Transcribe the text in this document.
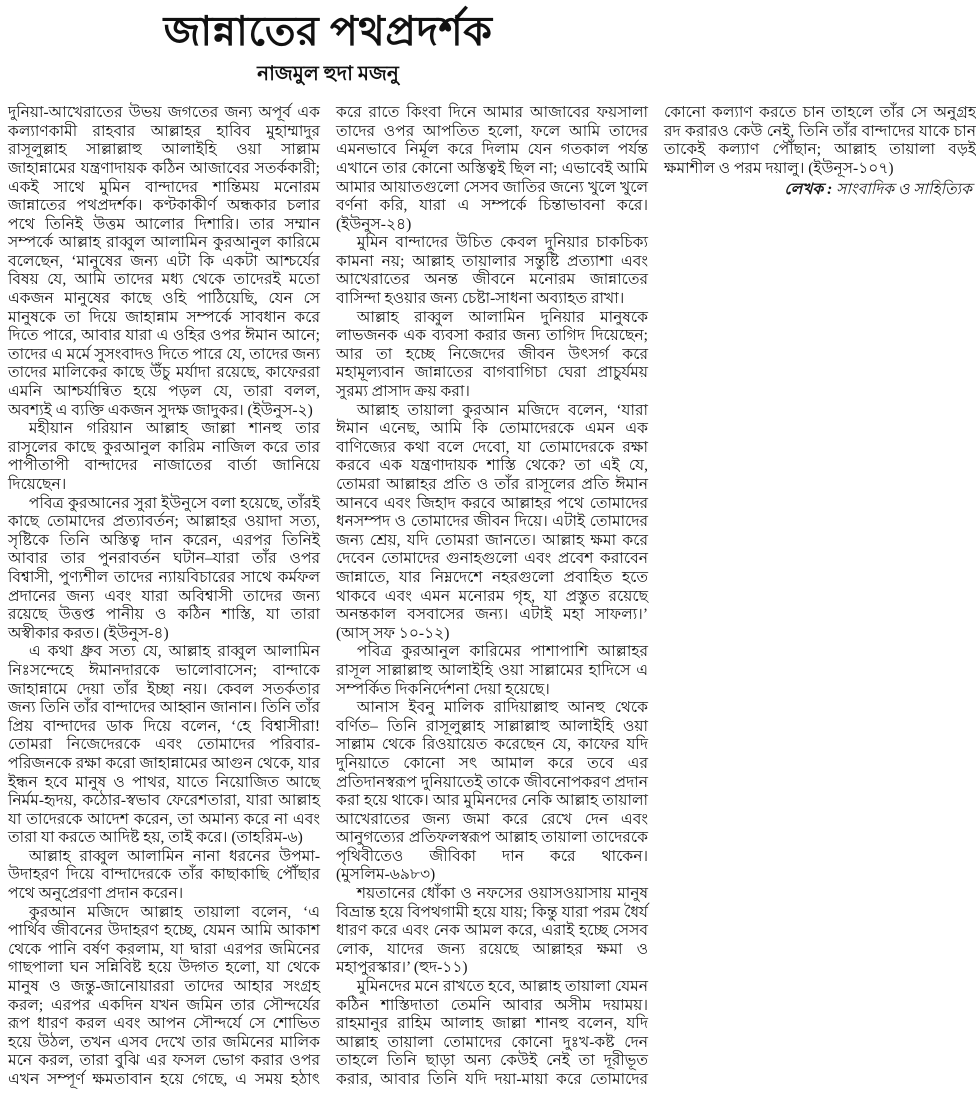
জান্নাতের পথপ্রদর্শক
নাজমুল হুদা মজনু

দুনিয়া-আখেরাতের উভয় জগতের জন্য অপূর্ব এক কল্যাণকামী রাহবার আল্লাহর হাবিব মুহাম্মাদুর রাসূলুল্লাহ সাল্লাল্লাহু আলাইহি ওয়া সাল্লাম জাহান্নামের যন্ত্রণাদায়ক কঠিন আজাবের সতর্ককারী; একই সাথে মুমিন বান্দাদের শান্তিময় মনোরম জান্নাতের পথপ্রদর্শক। কণ্টকাকীর্ণ অন্ধকার চলার পথে তিনিই উত্তম আলোর দিশারি। তার সম্মান সম্পর্কে আল্লাহ রাব্বুল আলামিন কুরআনুল কারিমে বলেছেন, ‘মানুষের জন্য এটা কি একটা আশ্চর্যের বিষয় যে, আমি তাদের মধ্য থেকে তাদেরই মতো একজন মানুষের কাছে ওহি পাঠিয়েছি, যেন সে মানুষকে তা দিয়ে জাহান্নাম সম্পর্কে সাবধান করে দিতে পারে, আবার যারা এ ওহির ওপর ঈমান আনে; তাদের এ মর্মে সুসংবাদও দিতে পারে যে, তাদের জন্য তাদের মালিকের কাছে উঁচু মর্যাদা রয়েছে, কাফেররা এমনি আশ্চর্যান্বিত হয়ে পড়ল যে, তারা বলল, অবশ্যই এ ব্যক্তি একজন সুদক্ষ জাদুকর। (ইউনুস-২)

মহীয়ান গরিয়ান আল্লাহ জাল্লা শানহু তার রাসূলের কাছে কুরআনুল কারিম নাজিল করে তার পাপীতাপী বান্দাদের নাজাতের বার্তা জানিয়ে দিয়েছেন।

পবিত্র কুরআনের সুরা ইউনুসে বলা হয়েছে, তাঁরই কাছে তোমাদের প্রত্যাবর্তন; আল্লাহর ওয়াদা সত্য, সৃষ্টিকে তিনি অস্তিত্ব দান করেন, এরপর তিনিই আবার তার পুনরাবর্তন ঘটান–যারা তাঁর ওপর বিশ্বাসী, পুণ্যশীল তাদের ন্যায়বিচারের সাথে কর্মফল প্রদানের জন্য এবং যারা অবিশ্বাসী তাদের জন্য রয়েছে উত্তপ্ত পানীয় ও কঠিন শাস্তি, যা তারা অস্বীকার করত। (ইউনুস-৪)

এ কথা ধ্রুব সত্য যে, আল্লাহ রাব্বুল আলামিন নিঃসন্দেহে ঈমানদারকে ভালোবাসেন; বান্দাকে জাহান্নামে দেয়া তাঁর ইচ্ছা নয়। কেবল সতর্কতার জন্য তিনি তাঁর বান্দাদের আহ্বান জানান। তিনি তাঁর প্রিয় বান্দাদের ডাক দিয়ে বলেন, ‘হে বিশ্বাসীরা! তোমরা নিজেদেরকে এবং তোমাদের পরিবার-পরিজনকে রক্ষা করো জাহান্নামের আগুন থেকে, যার ইন্ধন হবে মানুষ ও পাথর, যাতে নিয়োজিত আছে নির্মম-হৃদয়, কঠোর-স্বভাব ফেরেশতারা, যারা আল্লাহ যা তাদেরকে আদেশ করেন, তা অমান্য করে না এবং তারা যা করতে আদিষ্ট হয়, তাই করে। (তাহরিম-৬)

আল্লাহ রাব্বুল আলামিন নানা ধরনের উপমা-উদাহরণ দিয়ে বান্দাদেরকে তাঁর কাছাকাছি পৌঁছার পথে অনুপ্রেরণা প্রদান করেন।

কুরআন মজিদে আল্লাহ তায়ালা বলেন, ‘এ পার্থিব জীবনের উদাহরণ হচ্ছে, যেমন আমি আকাশ থেকে পানি বর্ষণ করলাম, যা দ্বারা এরপর জমিনের গাছপালা ঘন সন্নিবিষ্ট হয়ে উদ্গত হলো, যা থেকে মানুষ ও জন্তু-জানোয়াররা তাদের আহার সংগ্রহ করল; এরপর একদিন যখন জমিন তার সৌন্দর্যের রূপ ধারণ করল এবং আপন সৌন্দর্যে সে শোভিত হয়ে উঠল, তখন এসব দেখে তার জমিনের মালিক মনে করল, তারা বুঝি এর ফসল ভোগ করার ওপর এখন সম্পূর্ণ ক্ষমতাবান হয়ে গেছে, এ সময় হঠাৎ করে রাতে কিংবা দিনে আমার আজাবের ফয়সালা তাদের ওপর আপতিত হলো, ফলে আমি তাদের এমনভাবে নির্মূল করে দিলাম যেন গতকাল পর্যন্ত এখানে তার কোনো অস্তিত্বই ছিল না; এভাবেই আমি আমার আয়াতগুলো সেসব জাতির জন্যে খুলে খুলে বর্ণনা করি, যারা এ সম্পর্কে চিন্তাভাবনা করে। (ইউনুস-২৪)

মুমিন বান্দাদের উচিত কেবল দুনিয়ার চাকচিক্য কামনা নয়; আল্লাহ তায়ালার সন্তুষ্টি প্রত্যাশা এবং আখেরাতের অনন্ত জীবনে মনোরম জান্নাতের বাসিন্দা হওয়ার জন্য চেষ্টা-সাধনা অব্যাহত রাখা।

আল্লাহ রাব্বুল আলামিন দুনিয়ার মানুষকে লাভজনক এক ব্যবসা করার জন্য তাগিদ দিয়েছেন; আর তা হচ্ছে নিজেদের জীবন উৎসর্গ করে মহামূল্যবান জান্নাতের বাগবাগিচা ঘেরা প্রাচুর্যময় সুরম্য প্রাসাদ ক্রয় করা।

আল্লাহ তায়ালা কুরআন মজিদে বলেন, ‘যারা ঈমান এনেছ, আমি কি তোমাদেরকে এমন এক বাণিজ্যের কথা বলে দেবো, যা তোমাদেরকে রক্ষা করবে এক যন্ত্রণাদায়ক শাস্তি থেকে? তা এই যে, তোমরা আল্লাহর প্রতি ও তাঁর রাসূলের প্রতি ঈমান আনবে এবং জিহাদ করবে আল্লাহর পথে তোমাদের ধনসম্পদ ও তোমাদের জীবন দিয়ে। এটাই তোমাদের জন্য শ্রেয়, যদি তোমরা জানতে। আল্লাহ ক্ষমা করে দেবেন তোমাদের গুনাহগুলো এবং প্রবেশ করাবেন জান্নাতে, যার নিম্নদেশে নহরগুলো প্রবাহিত হতে থাকবে এবং এমন মনোরম গৃহ, যা প্রস্তুত রয়েছে অনন্তকাল বসবাসের জন্য। এটাই মহা সাফল্য।’ (আস্ সফ ১০-১২)

পবিত্র কুরআনুল কারিমের পাশাপাশি আল্লাহর রাসূল সাল্লাল্লাহু আলাইহি ওয়া সাল্লামের হাদিসে এ সম্পর্কিত দিকনির্দেশনা দেয়া হয়েছে।

আনাস ইবনু মালিক রাদিয়াল্লাহু আনহু থেকে বর্ণিত– তিনি রাসূলুল্লাহ সাল্লাল্লাহু আলাইহি ওয়া সাল্লাম থেকে রিওয়ায়েত করেছেন যে, কাফের যদি দুনিয়াতে কোনো সৎ আমাল করে তবে এর প্রতিদানস্বরূপ দুনিয়াতেই তাকে জীবনোপকরণ প্রদান করা হয়ে থাকে। আর মুমিনদের নেকি আল্লাহ তায়ালা আখেরাতের জন্য জমা করে রেখে দেন এবং আনুগত্যের প্রতিফলস্বরূপ আল্লাহ তায়ালা তাদেরকে পৃথিবীতেও জীবিকা দান করে থাকেন। (মুসলিম-৬৯৮৩)

শয়তানের ধোঁকা ও নফসের ওয়াসওয়াসায় মানুষ বিভ্রান্ত হয়ে বিপথগামী হয়ে যায়; কিন্তু যারা পরম ধৈর্য ধারণ করে এবং নেক আমল করে, এরাই হচ্ছে সেসব লোক, যাদের জন্য রয়েছে আল্লাহর ক্ষমা ও মহাপুরস্কার।’ (হুদ-১১)

মুমিনদের মনে রাখতে হবে, আল্লাহ তায়ালা যেমন কঠিন শাস্তিদাতা তেমনি আবার অসীম দয়াময়। রাহমানুর রাহিম আলাহ জাল্লা শানহু বলেন, যদি আল্লাহ তায়ালা তোমাদের কোনো দুঃখ-কষ্ট দেন তাহলে তিনি ছাড়া অন্য কেউই নেই তা দূরীভূত করার, আবার তিনি যদি দয়া-মায়া করে তোমাদের কোনো কল্যাণ করতে চান তাহলে তাঁর সে অনুগ্রহ রদ করারও কেউ নেই, তিনি তাঁর বান্দাদের যাকে চান তাকেই কল্যাণ পৌঁছান; আল্লাহ তায়ালা বড়ই ক্ষমাশীল ও পরম দয়ালু। (ইউনূস-১০৭)

লেখক : সাংবাদিক ও সাহিত্যিক
